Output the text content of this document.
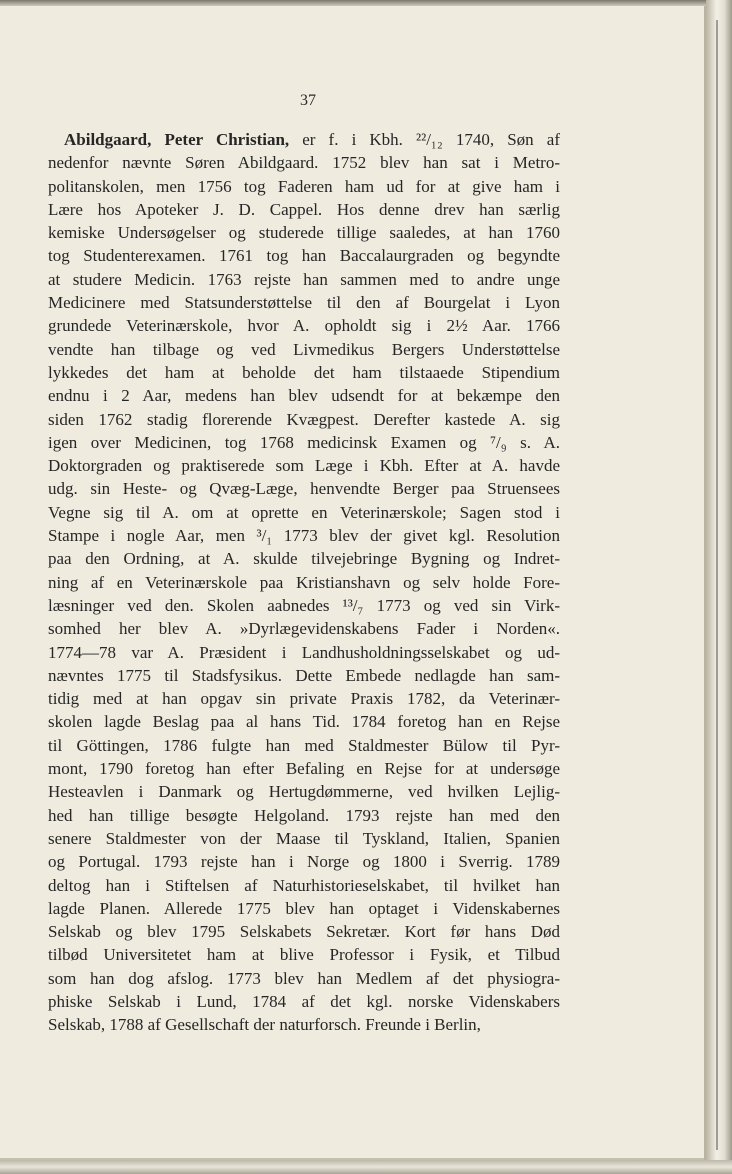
37
Abildgaard, Peter Christian, er f. i Kbh. ²²/₁₂ 1740, Søn af
nedenfor nævnte Søren Abildgaard. 1752 blev han sat i Metro-
politanskolen, men 1756 tog Faderen ham ud for at give ham i
Lære hos Apoteker J. D. Cappel. Hos denne drev han særlig
kemiske Undersøgelser og studerede tillige saaledes, at han 1760
tog Studenterexamen. 1761 tog han Baccalaurgraden og begyndte
at studere Medicin. 1763 rejste han sammen med to andre unge
Medicinere med Statsunderstøttelse til den af Bourgelat i Lyon
grundede Veterinærskole, hvor A. opholdt sig i 2½ Aar. 1766
vendte han tilbage og ved Livmedikus Bergers Understøttelse
lykkedes det ham at beholde det ham tilstaaede Stipendium
endnu i 2 Aar, medens han blev udsendt for at bekæmpe den
siden 1762 stadig florerende Kvægpest. Derefter kastede A. sig
igen over Medicinen, tog 1768 medicinsk Examen og ⁷/₉ s. A.
Doktorgraden og praktiserede som Læge i Kbh. Efter at A. havde
udg. sin Heste- og Qvæg-Læge, henvendte Berger paa Struensees
Vegne sig til A. om at oprette en Veterinærskole; Sagen stod i
Stampe i nogle Aar, men ³/₁ 1773 blev der givet kgl. Resolution
paa den Ordning, at A. skulde tilvejebringe Bygning og Indret-
ning af en Veterinærskole paa Kristianshavn og selv holde Fore-
læsninger ved den. Skolen aabnedes ¹³/₇ 1773 og ved sin Virk-
somhed her blev A. »Dyrlægevidenskabens Fader i Norden«.
1774—78 var A. Præsident i Landhusholdningsselskabet og ud-
nævntes 1775 til Stadsfysikus. Dette Embede nedlagde han sam-
tidig med at han opgav sin private Praxis 1782, da Veterinær-
skolen lagde Beslag paa al hans Tid. 1784 foretog han en Rejse
til Göttingen, 1786 fulgte han med Staldmester Bülow til Pyr-
mont, 1790 foretog han efter Befaling en Rejse for at undersøge
Hesteavlen i Danmark og Hertugdømmerne, ved hvilken Lejlig-
hed han tillige besøgte Helgoland. 1793 rejste han med den
senere Staldmester von der Maase til Tyskland, Italien, Spanien
og Portugal. 1793 rejste han i Norge og 1800 i Sverrig. 1789
deltog han i Stiftelsen af Naturhistorieselskabet, til hvilket han
lagde Planen. Allerede 1775 blev han optaget i Videnskabernes
Selskab og blev 1795 Selskabets Sekretær. Kort før hans Død
tilbød Universitetet ham at blive Professor i Fysik, et Tilbud
som han dog afslog. 1773 blev han Medlem af det physiogra-
phiske Selskab i Lund, 1784 af det kgl. norske Videnskabers
Selskab, 1788 af Gesellschaft der naturforsch. Freunde i Berlin,
